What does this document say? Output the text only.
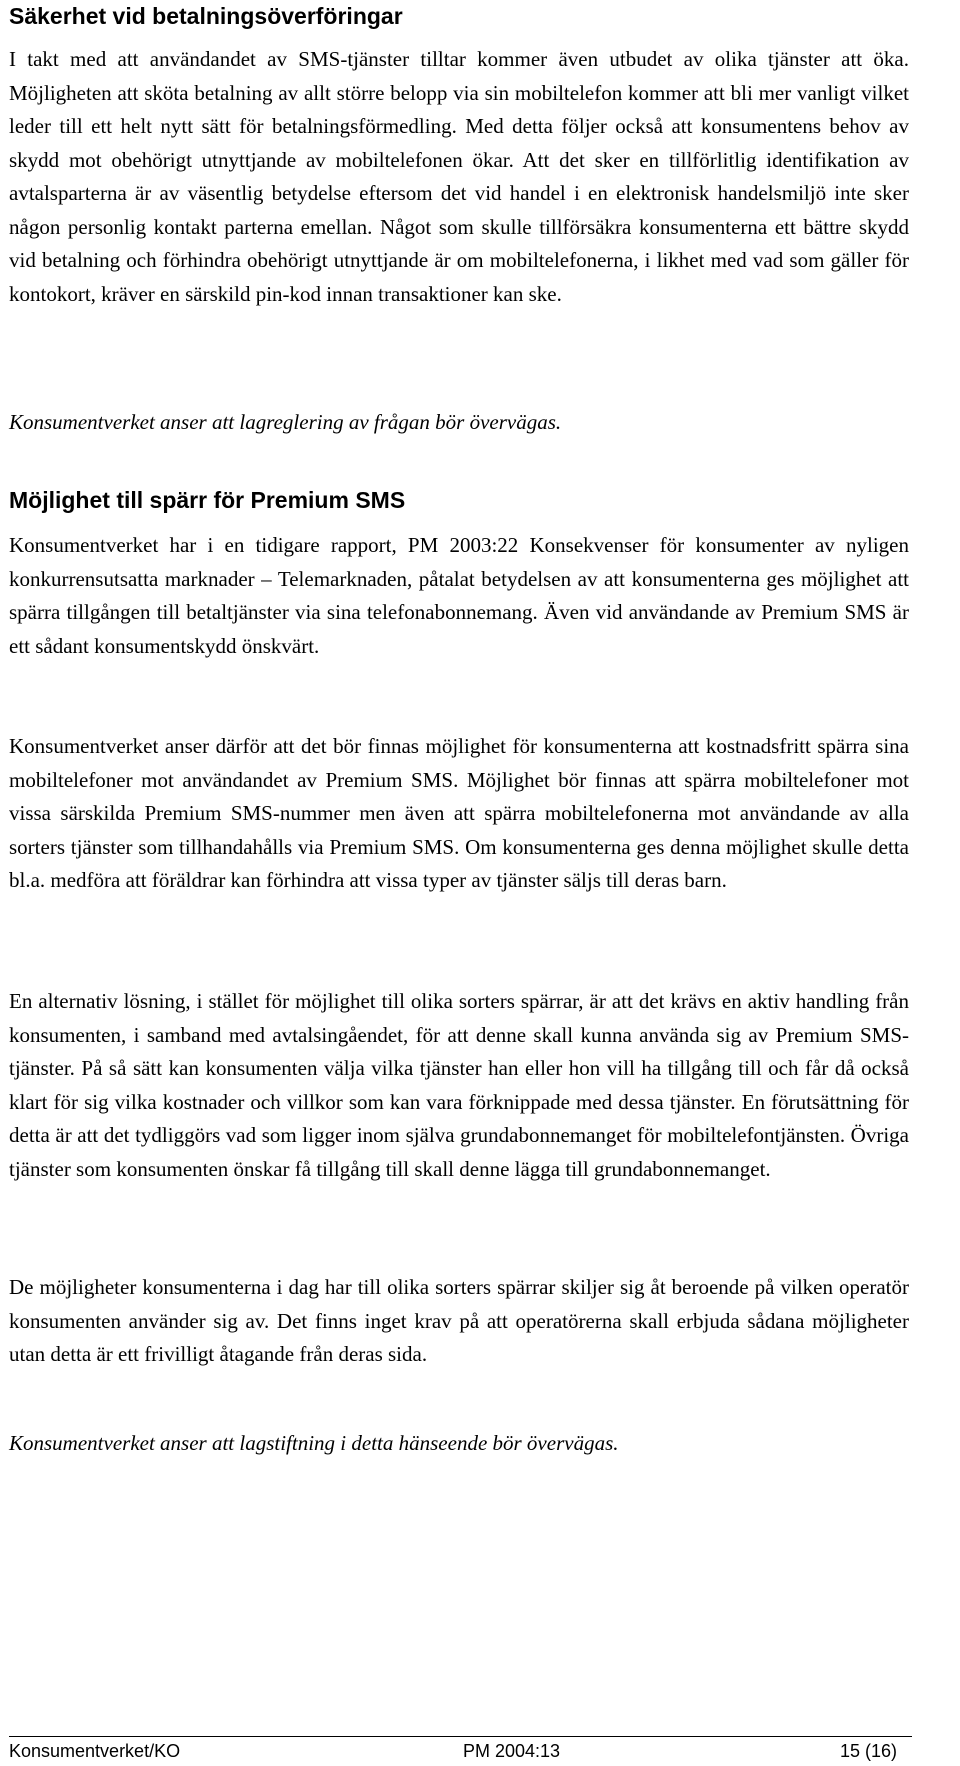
Säkerhet vid betalningsöverföringar

I takt med att användandet av SMS-tjänster tilltar kommer även utbudet av olika tjänster att öka. Möjligheten att sköta betalning av allt större belopp via sin mobiltelefon kommer att bli mer vanligt vilket leder till ett helt nytt sätt för betalningsförmedling. Med detta följer också att konsumentens behov av skydd mot obehörigt utnyttjande av mobiltelefonen ökar. Att det sker en tillförlitlig identifikation av avtalsparterna är av väsentlig betydelse eftersom det vid handel i en elektronisk handelsmiljö inte sker någon personlig kontakt parterna emellan. Något som skulle tillförsäkra konsumenterna ett bättre skydd vid betalning och förhindra obehörigt utnyttjande är om mobiltelefonerna, i likhet med vad som gäller för kontokort, kräver en särskild pin-kod innan transaktioner kan ske.

Konsumentverket anser att lagreglering av frågan bör övervägas.

Möjlighet till spärr för Premium SMS

Konsumentverket har i en tidigare rapport, PM 2003:22 Konsekvenser för konsumenter av nyligen konkurrensutsatta marknader – Telemarknaden, påtalat betydelsen av att konsumenterna ges möjlighet att spärra tillgången till betaltjänster via sina telefonabonnemang. Även vid användande av Premium SMS är ett sådant konsumentskydd önskvärt.

Konsumentverket anser därför att det bör finnas möjlighet för konsumenterna att kostnadsfritt spärra sina mobiltelefoner mot användandet av Premium SMS. Möjlighet bör finnas att spärra mobiltelefoner mot vissa särskilda Premium SMS-nummer men även att spärra mobiltelefonerna mot användande av alla sorters tjänster som tillhandahålls via Premium SMS. Om konsumenterna ges denna möjlighet skulle detta bl.a. medföra att föräldrar kan förhindra att vissa typer av tjänster säljs till deras barn.

En alternativ lösning, i stället för möjlighet till olika sorters spärrar, är att det krävs en aktiv handling från konsumenten, i samband med avtalsingåendet, för att denne skall kunna använda sig av Premium SMS-tjänster. På så sätt kan konsumenten välja vilka tjänster han eller hon vill ha tillgång till och får då också klart för sig vilka kostnader och villkor som kan vara förknippade med dessa tjänster. En förutsättning för detta är att det tydliggörs vad som ligger inom själva grundabonnemanget för mobiltelefontjänsten. Övriga tjänster som konsumenten önskar få tillgång till skall denne lägga till grundabonnemanget.

De möjligheter konsumenterna i dag har till olika sorters spärrar skiljer sig åt beroende på vilken operatör konsumenten använder sig av. Det finns inget krav på att operatörerna skall erbjuda sådana möjligheter utan detta är ett frivilligt åtagande från deras sida.

Konsumentverket anser att lagstiftning i detta hänseende bör övervägas.

Konsumentverket/KO	PM 2004:13	15 (16)
